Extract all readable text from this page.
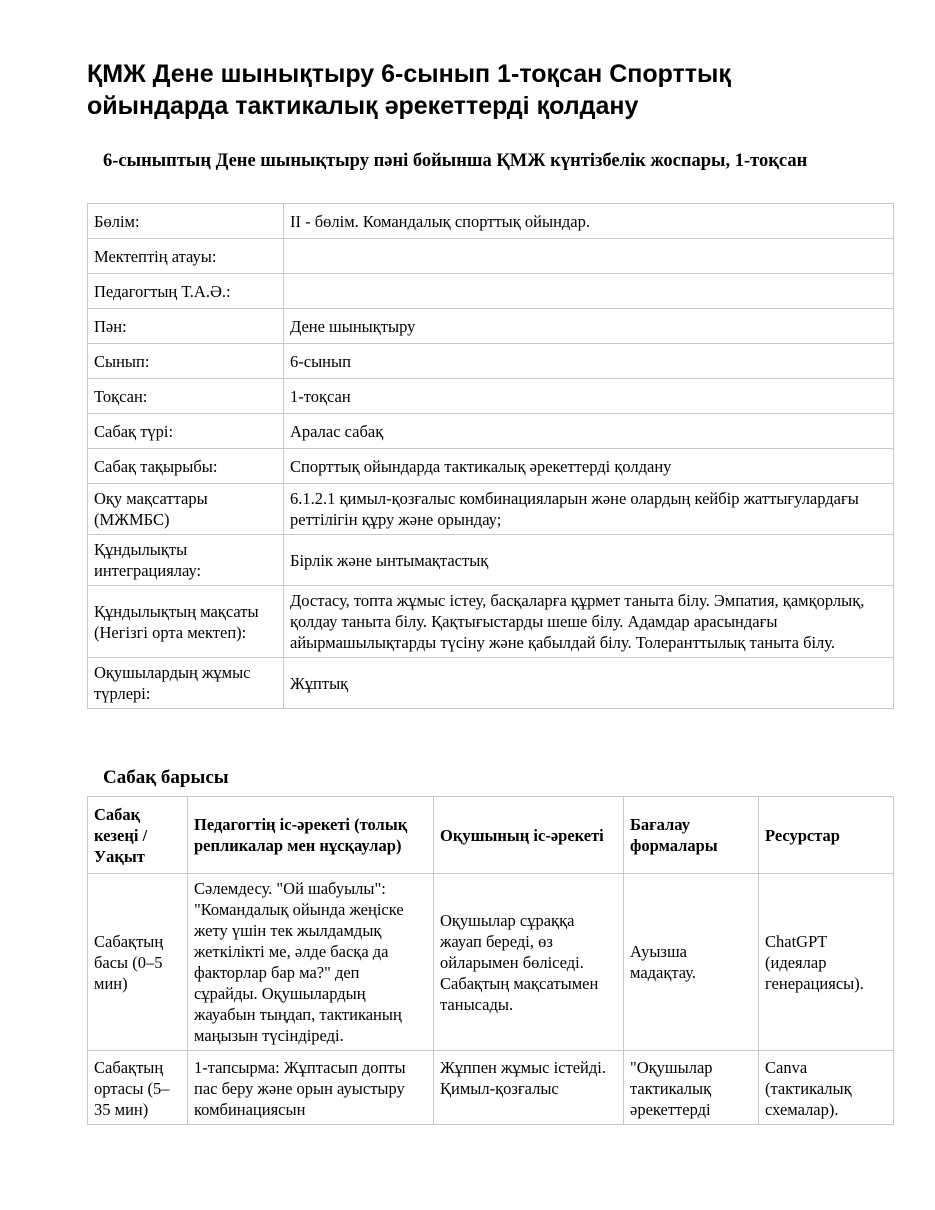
ҚМЖ Дене шынықтыру 6-сынып 1-тоқсан Спорттық ойындарда тактикалық әрекеттерді қолдану
6-сыныптың Дене шынықтыру пәні бойынша ҚМЖ күнтізбелік жоспары, 1-тоқсан
Бөлім:	ІІ - бөлім. Командалық спорттық ойындар.
Мектептің атауы:	
Педагогтың Т.А.Ә.:	
Пән:	Дене шынықтыру
Сынып:	6-сынып
Тоқсан:	1-тоқсан
Сабақ түрі:	Аралас сабақ
Сабақ тақырыбы:	Спорттық ойындарда тактикалық әрекеттерді қолдану
Оқу мақсаттары (МЖМБС)	6.1.2.1 қимыл-қозғалыс комбинацияларын және олардың кейбір жаттығулардағы реттілігін құру және орындау;
Құндылықты интеграциялау:	Бірлік және ынтымақтастық
Құндылықтың мақсаты (Негізгі орта мектеп):	Достасу, топта жұмыс істеу, басқаларға құрмет таныта білу. Эмпатия, қамқорлық, қолдау таныта білу. Қақтығыстарды шеше білу. Адамдар арасындағы айырмашылықтарды түсіну және қабылдай білу. Толеранттылық таныта білу.
Оқушылардың жұмыс түрлері:	Жұптық
Сабақ барысы
Сабақ кезеңі / Уақыт	Педагогтің іс-әрекеті (толық репликалар мен нұсқаулар)	Оқушының іс-әрекеті	Бағалау формалары	Ресурстар
Сабақтың басы (0–5 мин)	Сәлемдесу. "Ой шабуылы": "Командалық ойында жеңіске жету үшін тек жылдамдық жеткілікті ме, әлде басқа да факторлар бар ма?" деп сұрайды. Оқушылардың жауабын тыңдап, тактиканың маңызын түсіндіреді.	Оқушылар сұраққа жауап береді, өз ойларымен бөліседі. Сабақтың мақсатымен танысады.	Ауызша мадақтау.	ChatGPT (идеялар генерациясы).

Сабақтың ортасы (5–35 мин)	1-тапсырма: Жұптасып допты пас беру және орын ауыстыру комбинациясын	Жұппен жұмыс істейді. Қимыл-қозғалыс	"Оқушылар тактикалық әрекеттерді	Canva (тактикалық схемалар).
